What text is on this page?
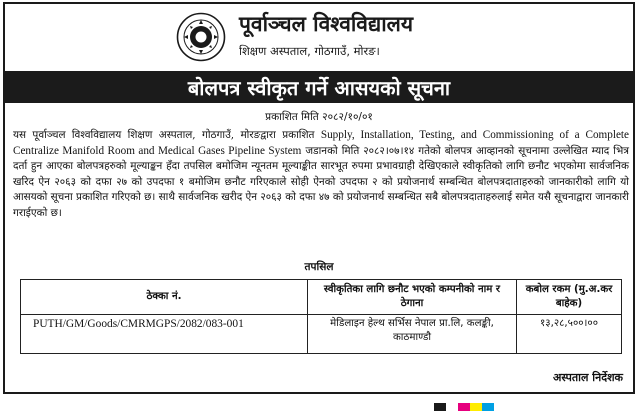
पूर्वाञ्चल विश्वविद्यालय
शिक्षण अस्पताल, गोठगाउँ, मोरङ।
बोलपत्र स्वीकृत गर्ने आसयको सूचना
प्रकाशित मिति २०८२/१०/०१
यस पूर्वाञ्चल विश्वविद्यालय शिक्षण अस्पताल, गोठगाउँ, मोरङद्वारा प्रकाशित Supply, Installation, Testing, and Commissioning of a Complete Centralize Manifold Room and Medical Gases Pipeline System जडानको मिति २०८२।०७।१४ गतेको बोलपत्र आव्हानको सूचनामा उल्लेखित म्याद भित्र दर्ता हुन आएका बोलपत्रहरुको मूल्याङ्कन हँदा तपसिल बमोजिम न्यूनतम मूल्याङ्कीत सारभूत रुपमा प्रभावग्राही देखिएकाले स्वीकृतिको लागि छनौट भएकोमा सार्वजनिक खरिद ऐन २०६३ को दफा २७ को उपदफा १ बमोजिम छनौट गरिएकाले सोही ऐनको उपदफा २ को प्रयोजनार्थ सम्बन्धित बोलपत्रदाताहरुको जानकारीको लागि यो आसयको सूचना प्रकाशित गरिएको छ। साथै सार्वजनिक खरीद ऐन २०६३ को दफा ४७ को प्रयोजनार्थ सम्बन्धित सबै बोलपत्रदाताहरुलाई समेत यसै सूचनाद्वारा जानकारी गराईएको छ।
तपसिल
ठेक्का नं.	स्वीकृतिका लागि छनौट भएको कम्पनीको नाम र ठेगाना	कबोल रकम (मु.अ.कर बाहेक)
PUTH/GM/Goods/CMRMGPS/2082/083-001	मेडिलाइन हेल्थ सर्भिस नेपाल प्रा.लि, कलङ्की, काठमाण्डौ	१३,२८,५००।००
अस्पताल निर्देशक
